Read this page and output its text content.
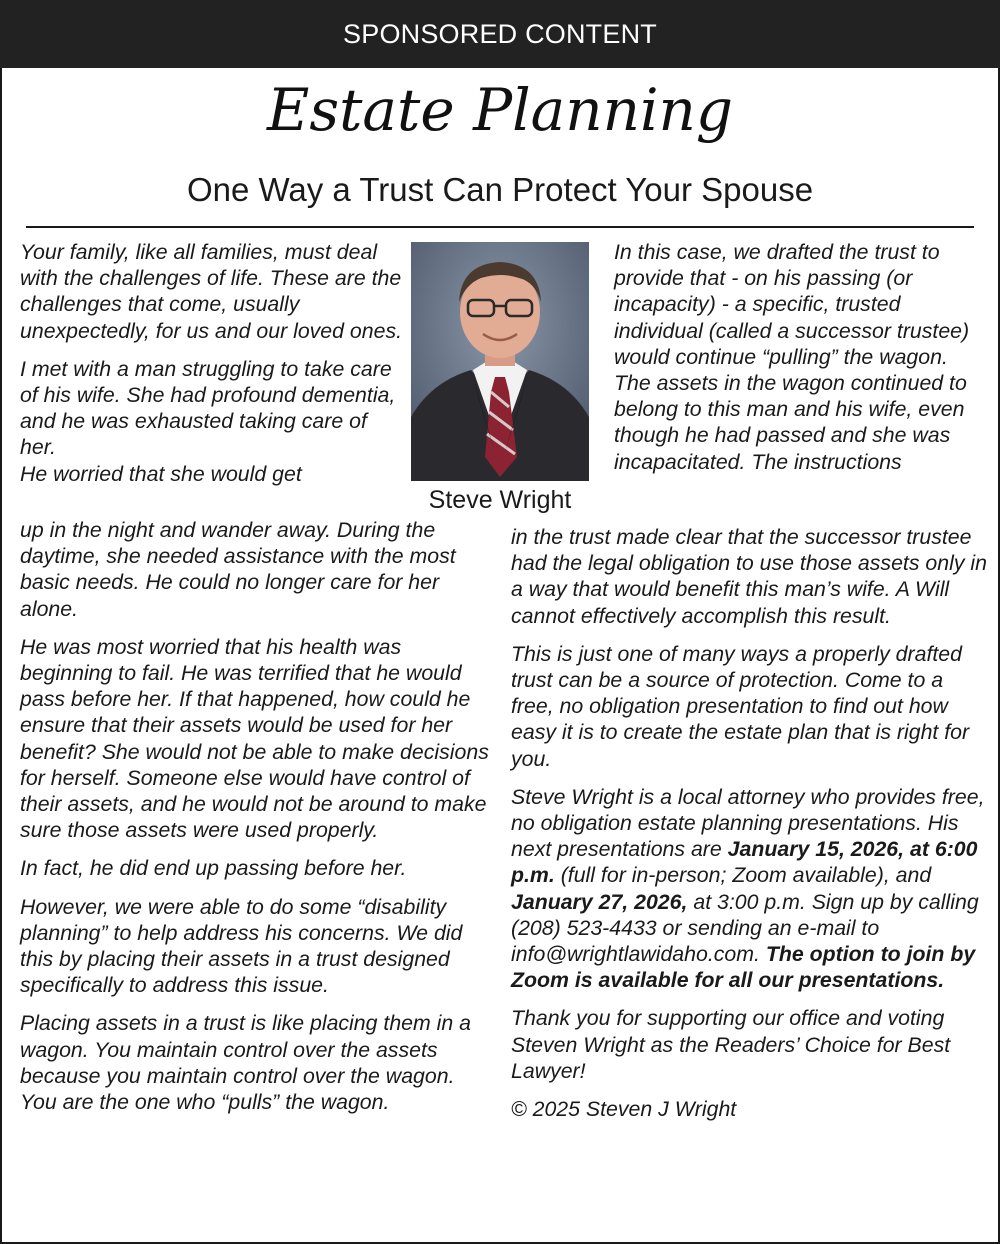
SPONSORED CONTENT
Estate Planning
One Way a Trust Can Protect Your Spouse

Your family, like all families, must deal with the challenges of life. These are the challenges that come, usually unexpectedly, for us and our loved ones.

I met with a man struggling to take care of his wife. She had profound dementia, and he was exhausted taking care of her.

He worried that she would get

Steve Wright

up in the night and wander away. During the daytime, she needed assistance with the most basic needs. He could no longer care for her alone.

He was most worried that his health was beginning to fail. He was terrified that he would pass before her. If that happened, how could he ensure that their assets would be used for her benefit? She would not be able to make decisions for herself. Someone else would have control of their assets, and he would not be around to make sure those assets were used properly.

In fact, he did end up passing before her.

However, we were able to do some “disability planning” to help address his concerns. We did this by placing their assets in a trust designed specifically to address this issue.

Placing assets in a trust is like placing them in a wagon. You maintain control over the assets because you maintain control over the wagon. You are the one who “pulls” the wagon.

In this case, we drafted the trust to provide that - on his passing (or incapacity) - a specific, trusted individual (called a successor trustee) would continue “pulling” the wagon. The assets in the wagon continued to belong to this man and his wife, even though he had passed and she was incapacitated. The instructions

in the trust made clear that the successor trustee had the legal obligation to use those assets only in a way that would benefit this man’s wife. A Will cannot effectively accomplish this result.

This is just one of many ways a properly drafted trust can be a source of protection. Come to a free, no obligation presentation to find out how easy it is to create the estate plan that is right for you.

Steve Wright is a local attorney who provides free, no obligation estate planning presentations. His next presentations are January 15, 2026, at 6:00 p.m. (full for in-person; Zoom available), and January 27, 2026, at 3:00 p.m. Sign up by calling (208) 523-4433 or sending an e-mail to info@wrightlawidaho.com. The option to join by Zoom is available for all our presentations.

Thank you for supporting our office and voting Steven Wright as the Readers’ Choice for Best Lawyer!

© 2025 Steven J Wright
